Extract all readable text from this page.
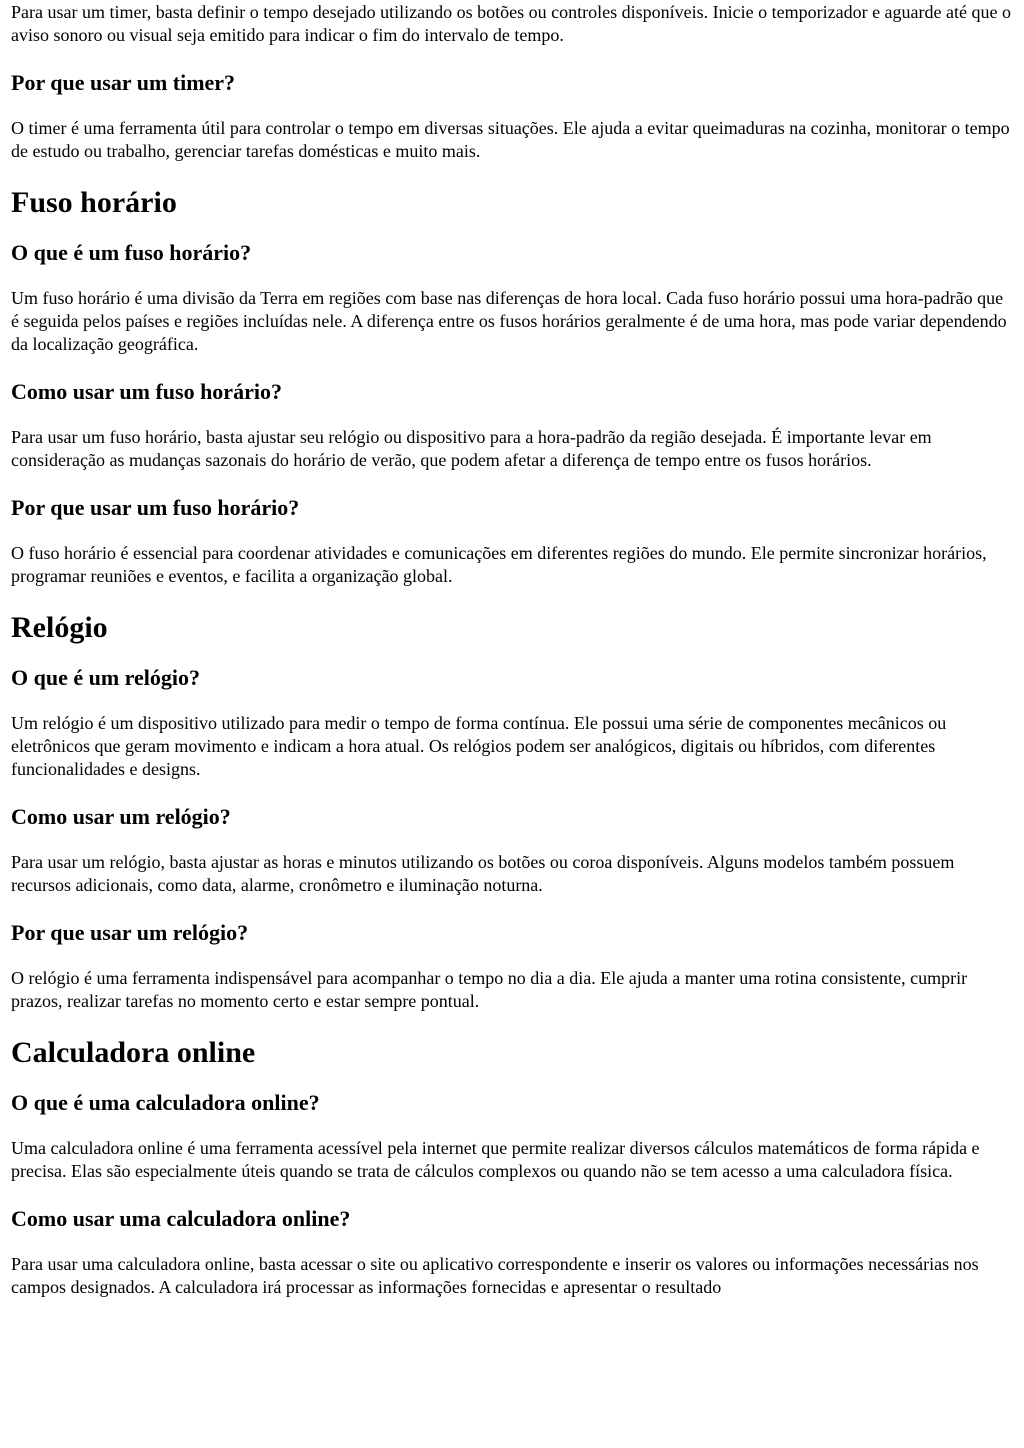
Para usar um timer, basta definir o tempo desejado utilizando os botões ou controles disponíveis. Inicie o temporizador e aguarde até que o aviso sonoro ou visual seja emitido para indicar o fim do intervalo de tempo.

Por que usar um timer?

O timer é uma ferramenta útil para controlar o tempo em diversas situações. Ele ajuda a evitar queimaduras na cozinha, monitorar o tempo de estudo ou trabalho, gerenciar tarefas domésticas e muito mais.

Fuso horário
O que é um fuso horário?

Um fuso horário é uma divisão da Terra em regiões com base nas diferenças de hora local. Cada fuso horário possui uma hora-padrão que é seguida pelos países e regiões incluídas nele. A diferença entre os fusos horários geralmente é de uma hora, mas pode variar dependendo da localização geográfica.

Como usar um fuso horário?

Para usar um fuso horário, basta ajustar seu relógio ou dispositivo para a hora-padrão da região desejada. É importante levar em consideração as mudanças sazonais do horário de verão, que podem afetar a diferença de tempo entre os fusos horários.

Por que usar um fuso horário?

O fuso horário é essencial para coordenar atividades e comunicações em diferentes regiões do mundo. Ele permite sincronizar horários, programar reuniões e eventos, e facilita a organização global.

Relógio
O que é um relógio?

Um relógio é um dispositivo utilizado para medir o tempo de forma contínua. Ele possui uma série de componentes mecânicos ou eletrônicos que geram movimento e indicam a hora atual. Os relógios podem ser analógicos, digitais ou híbridos, com diferentes funcionalidades e designs.

Como usar um relógio?

Para usar um relógio, basta ajustar as horas e minutos utilizando os botões ou coroa disponíveis. Alguns modelos também possuem recursos adicionais, como data, alarme, cronômetro e iluminação noturna.

Por que usar um relógio?

O relógio é uma ferramenta indispensável para acompanhar o tempo no dia a dia. Ele ajuda a manter uma rotina consistente, cumprir prazos, realizar tarefas no momento certo e estar sempre pontual.

Calculadora online
O que é uma calculadora online?

Uma calculadora online é uma ferramenta acessível pela internet que permite realizar diversos cálculos matemáticos de forma rápida e precisa. Elas são especialmente úteis quando se trata de cálculos complexos ou quando não se tem acesso a uma calculadora física.

Como usar uma calculadora online?

Para usar uma calculadora online, basta acessar o site ou aplicativo correspondente e inserir os valores ou informações necessárias nos campos designados. A calculadora irá processar as informações fornecidas e apresentar o resultado
